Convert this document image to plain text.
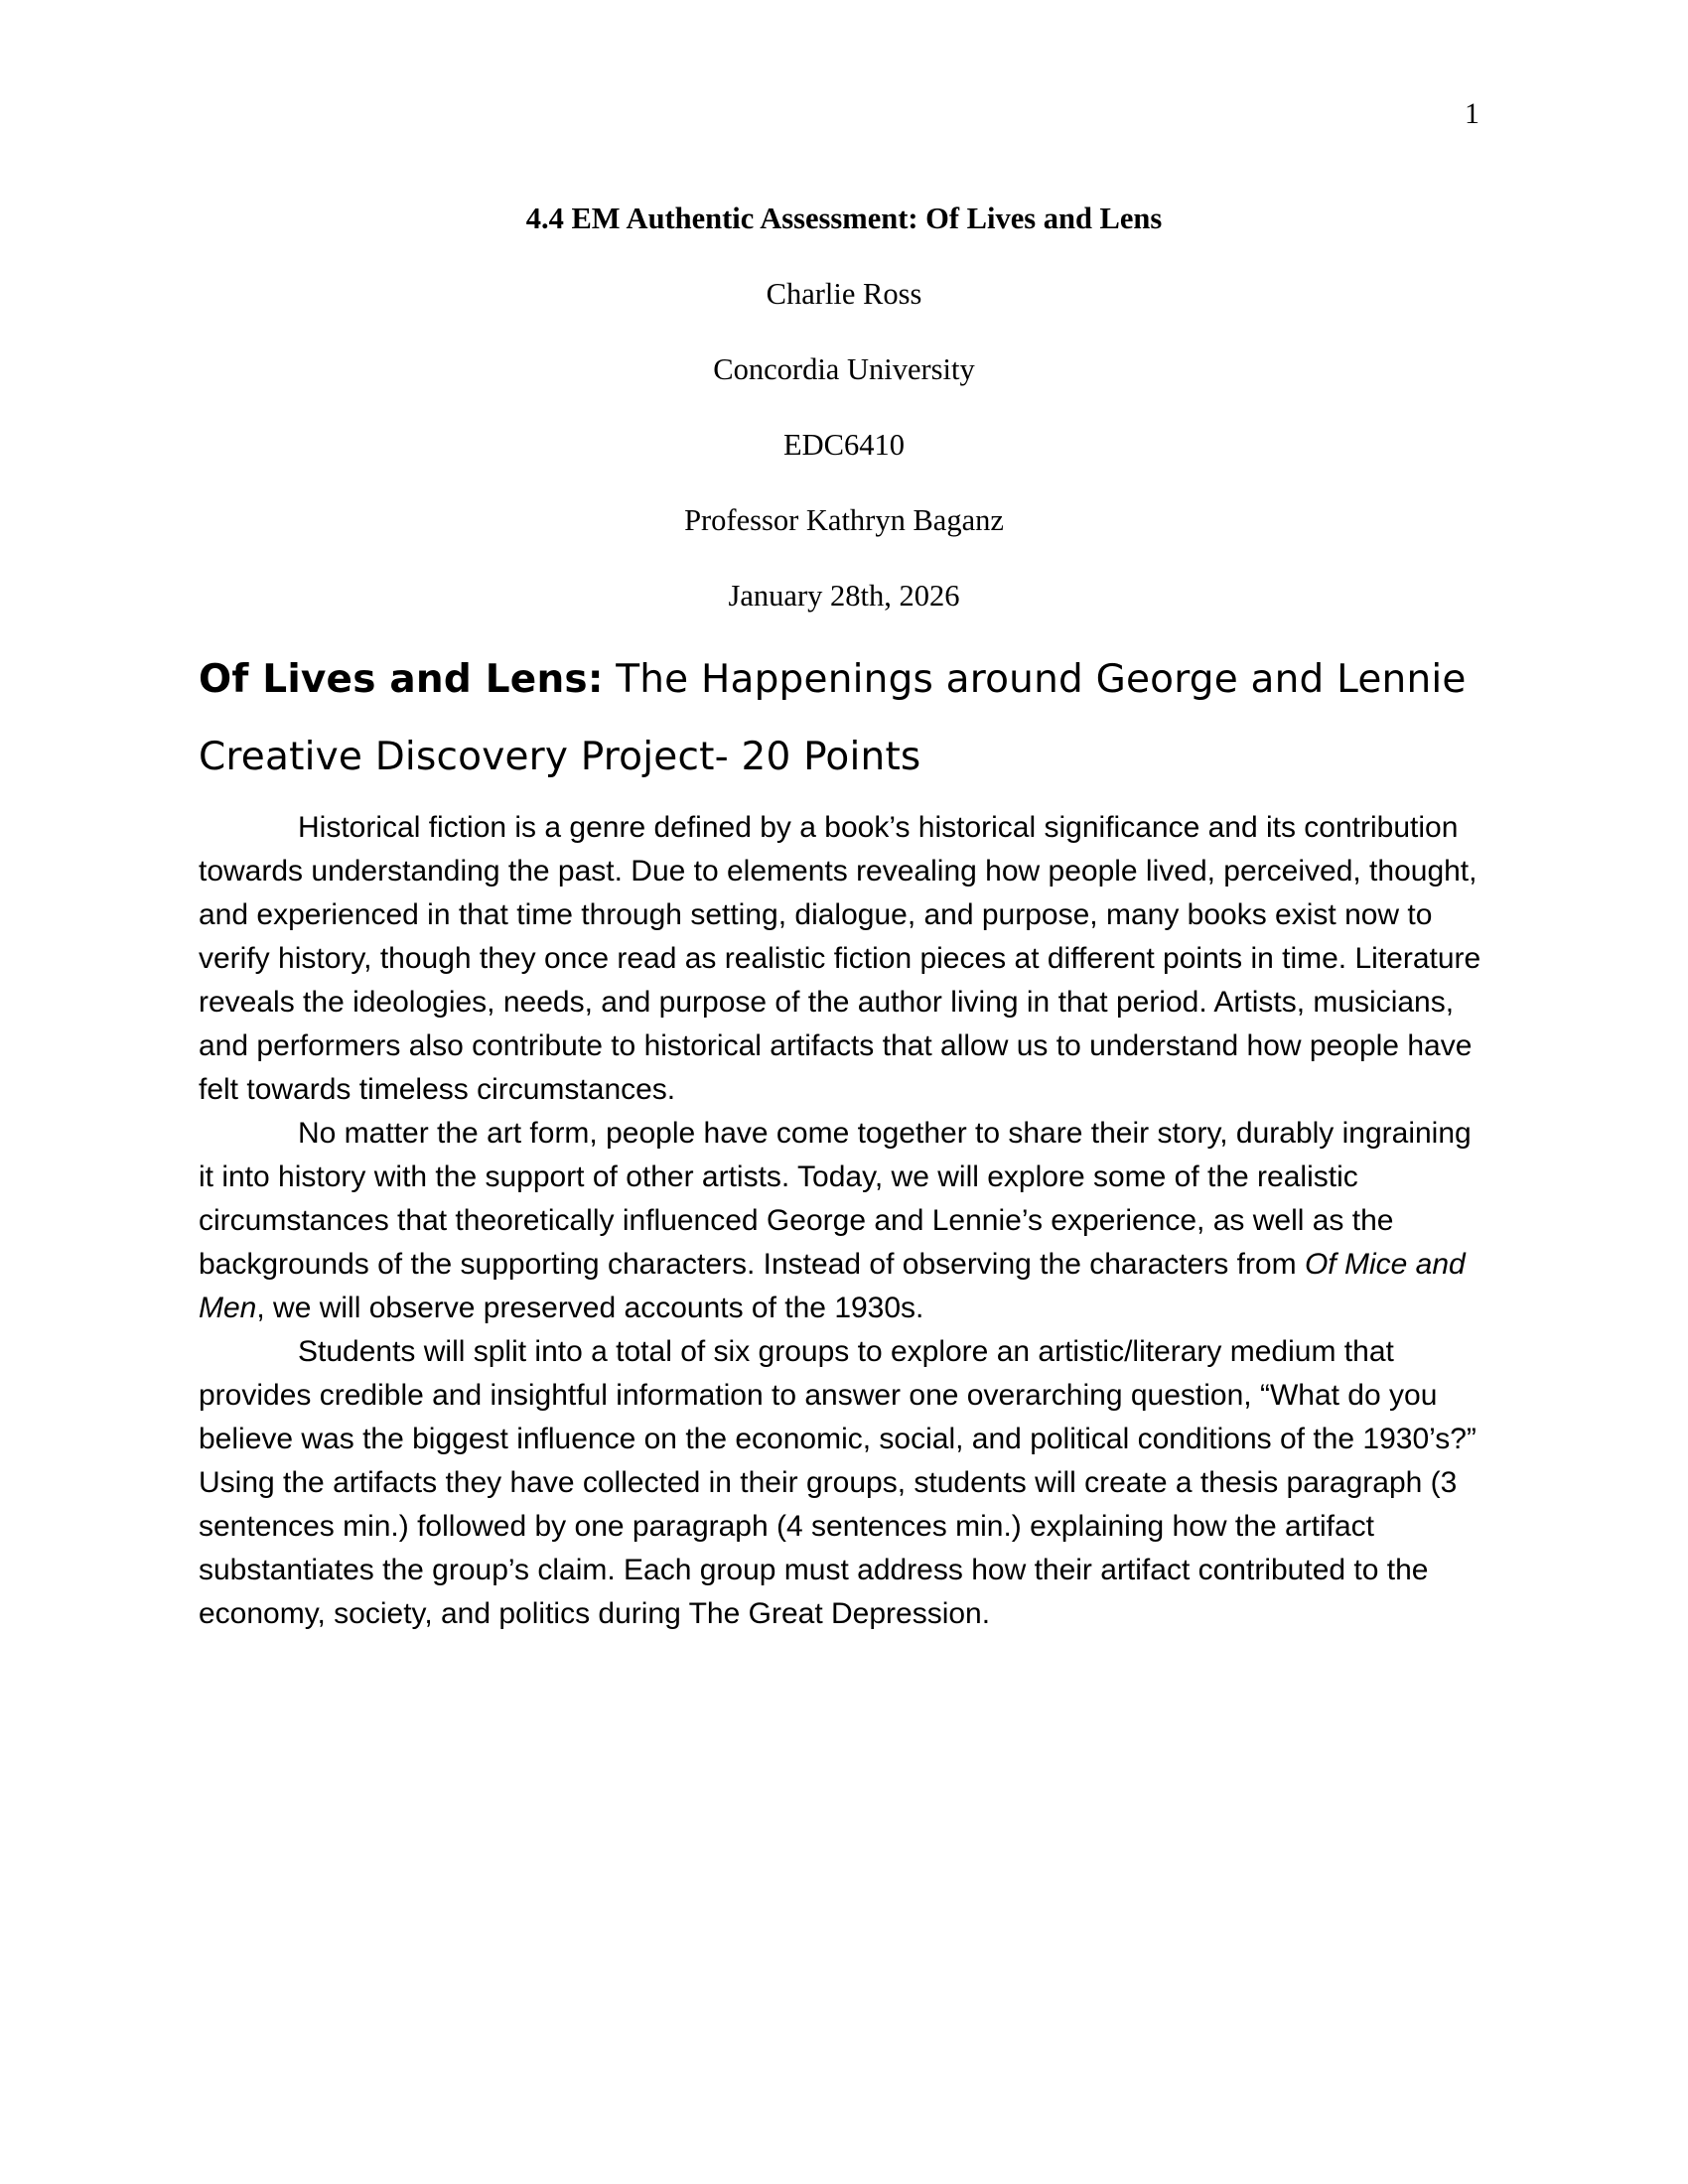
1
4.4 EM Authentic Assessment: Of Lives and Lens
Charlie Ross
Concordia University
EDC6410
Professor Kathryn Baganz
January 28th, 2026
Of Lives and Lens: The Happenings around George and Lennie
Creative Discovery Project- 20 Points

Historical fiction is a genre defined by a book’s historical significance and its contribution towards understanding the past. Due to elements revealing how people lived, perceived, thought, and experienced in that time through setting, dialogue, and purpose, many books exist now to verify history, though they once read as realistic fiction pieces at different points in time. Literature reveals the ideologies, needs, and purpose of the author living in that period. Artists, musicians, and performers also contribute to historical artifacts that allow us to understand how people have felt towards timeless circumstances.

No matter the art form, people have come together to share their story, durably ingraining it into history with the support of other artists. Today, we will explore some of the realistic circumstances that theoretically influenced George and Lennie’s experience, as well as the backgrounds of the supporting characters. Instead of observing the characters from Of Mice and Men, we will observe preserved accounts of the 1930s.

Students will split into a total of six groups to explore an artistic/literary medium that provides credible and insightful information to answer one overarching question, “What do you believe was the biggest influence on the economic, social, and political conditions of the 1930’s?” Using the artifacts they have collected in their groups, students will create a thesis paragraph (3 sentences min.) followed by one paragraph (4 sentences min.) explaining how the artifact substantiates the group’s claim. Each group must address how their artifact contributed to the economy, society, and politics during The Great Depression.
